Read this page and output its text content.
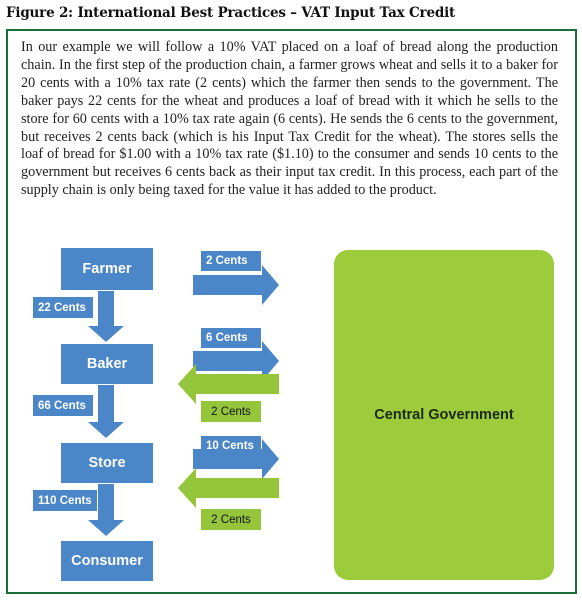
Figure 2: International Best Practices – VAT Input Tax Credit

In our example we will follow a 10% VAT placed on a loaf of bread along the production chain. In the first step of the production chain, a farmer grows wheat and sells it to a baker for 20 cents with a 10% tax rate (2 cents) which the farmer then sends to the government. The baker pays 22 cents for the wheat and produces a loaf of bread with it which he sells to the store for 60 cents with a 10% tax rate again (6 cents). He sends the 6 cents to the government, but receives 2 cents back (which is his Input Tax Credit for the wheat). The stores sells the loaf of bread for $1.00 with a 10% tax rate ($1.10) to the consumer and sends 10 cents to the government but receives 6 cents back as their input tax credit. In this process, each part of the supply chain is only being taxed for the value it has added to the product.

Farmer
Baker
Store
Consumer
Central Government
22 Cents
66 Cents
110 Cents
2 Cents
6 Cents
10 Cents
2 Cents
2 Cents
